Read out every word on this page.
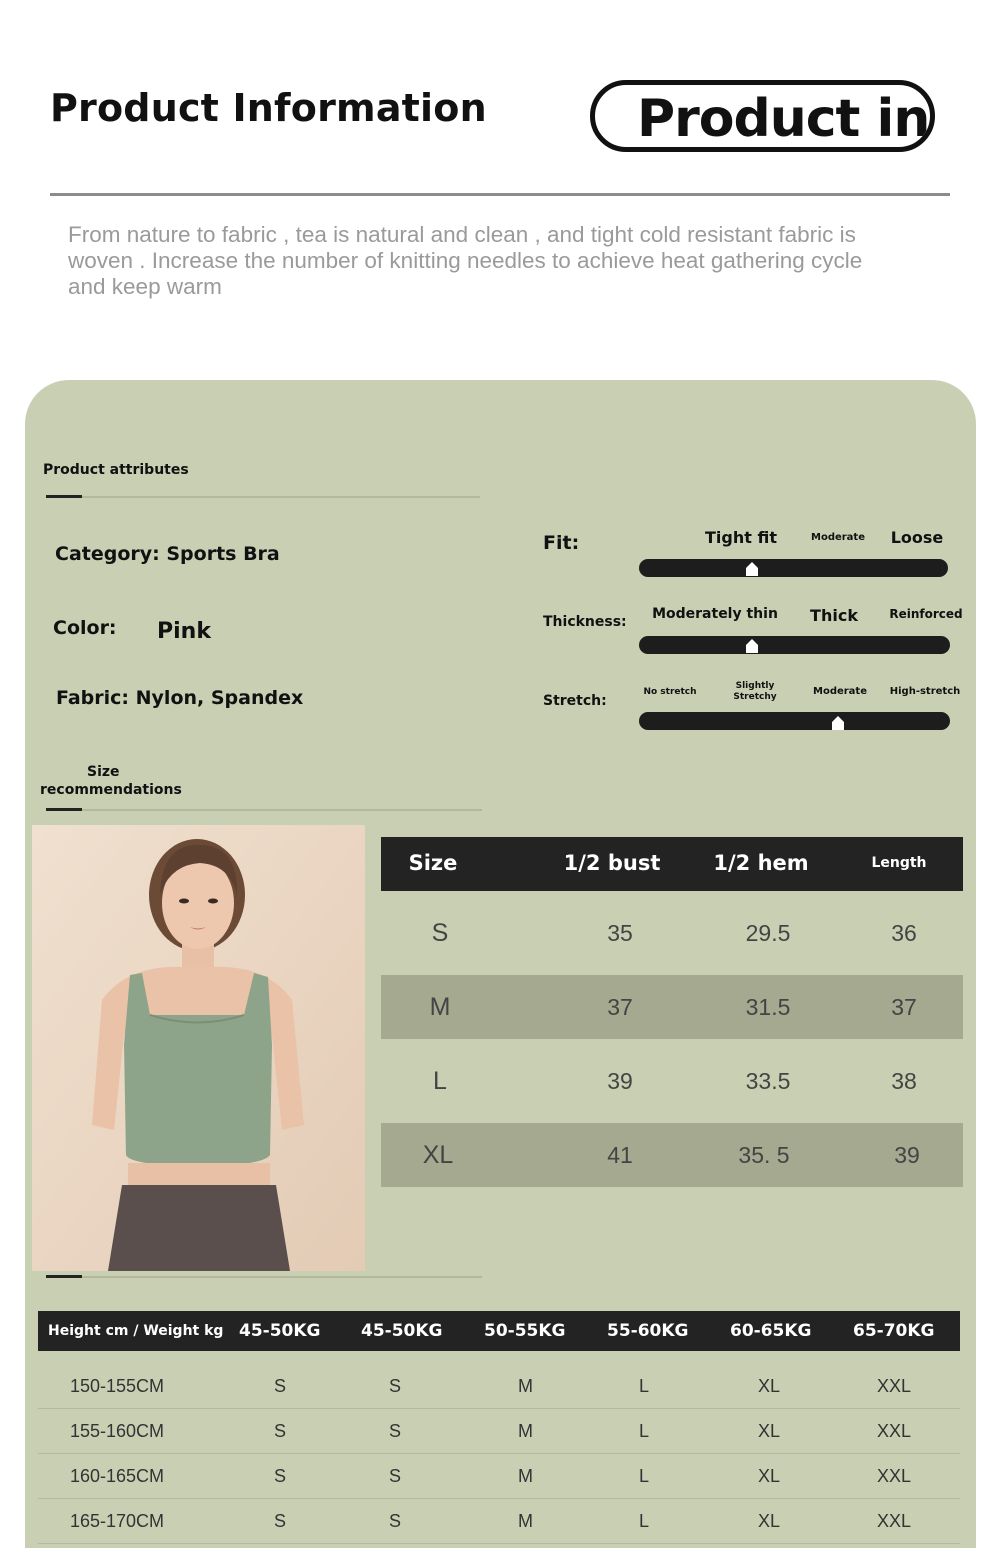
Product Information	Product in
From nature to fabric , tea is natural and clean , and tight cold resistant fabric is woven . Increase the number of knitting needles to achieve heat gathering cycle and keep warm
Product attributes
Category: Sports Bra
Color: Pink
Fabric: Nylon, Spandex
Fit:	Tight fit	Moderate Loose
Thickness: Moderately thin Thick	Reinforced
Stretch:
No stretch
Slightly
Stretchy	Moderate High-stretch
Size
recommendations
Size	1/2 bust	1/2 hem	Length
S	35	29.5	36
M	37	31.5	37
L	39	33.5	38
XL	41	35. 5	39
Height cm / Weight kg 45-50KG 45-50KG 50-55KG 55-60KG 60-65KG 65-70KG
150-155CM	S	S	M	L	XL	XXL
155-160CM	S	S	M	L	XL	XXL
160-165CM	S	S	M	L	XL	XXL
165-170CM	S	S	M	L	XL	XXL
